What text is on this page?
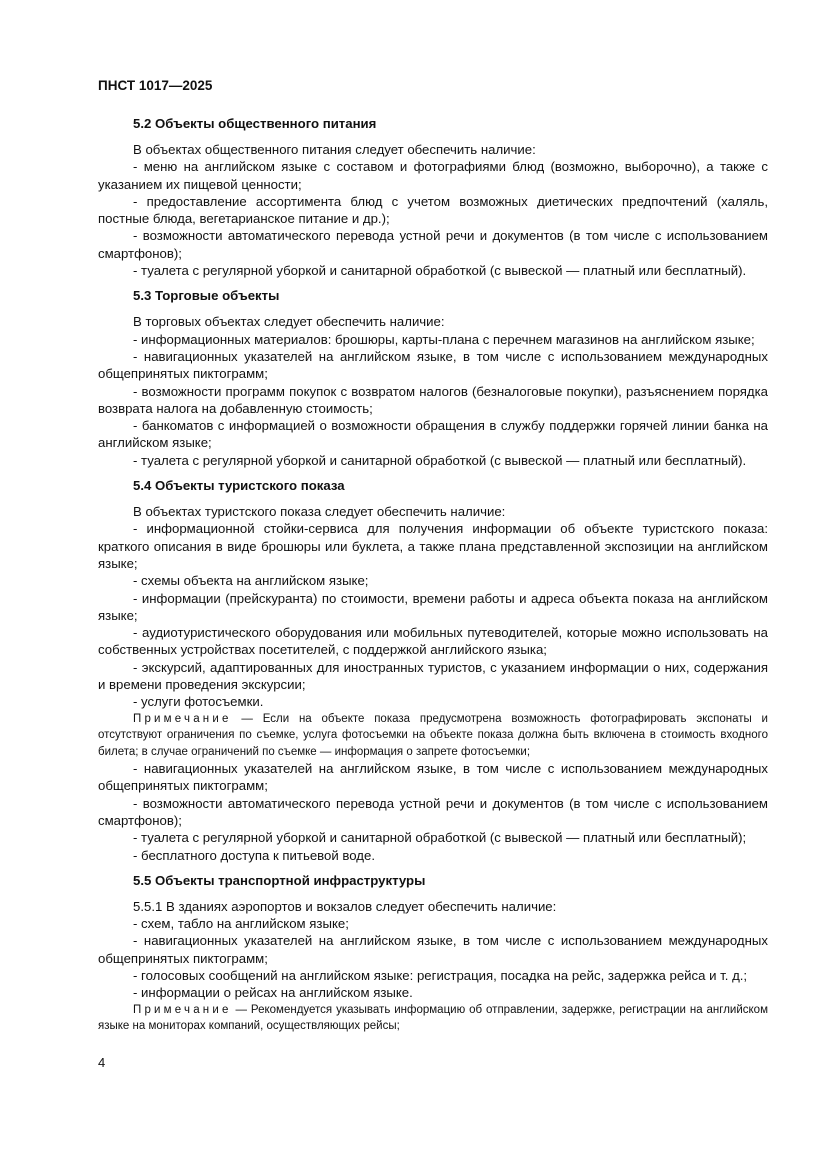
ПНСТ 1017—2025
5.2 Объекты общественного питания

В объектах общественного питания следует обеспечить наличие:

- меню на английском языке с составом и фотографиями блюд (возможно, выборочно), а также с указанием их пищевой ценности;

- предоставление ассортимента блюд с учетом возможных диетических предпочтений (халяль, постные блюда, вегетарианское питание и др.);

- возможности автоматического перевода устной речи и документов (в том числе с использованием смартфонов);

- туалета с регулярной уборкой и санитарной обработкой (с вывеской — платный или бесплатный).

5.3 Торговые объекты

В торговых объектах следует обеспечить наличие:

- информационных материалов: брошюры, карты-плана с перечнем магазинов на английском языке;

- навигационных указателей на английском языке, в том числе с использованием международных общепринятых пиктограмм;

- возможности программ покупок с возвратом налогов (безналоговые покупки), разъяснением порядка возврата налога на добавленную стоимость;

- банкоматов с информацией о возможности обращения в службу поддержки горячей линии банка на английском языке;

- туалета с регулярной уборкой и санитарной обработкой (с вывеской — платный или бесплатный).

5.4 Объекты туристского показа

В объектах туристского показа следует обеспечить наличие:

- информационной стойки-сервиса для получения информации об объекте туристского показа: краткого описания в виде брошюры или буклета, а также плана представленной экспозиции на английском языке;

- схемы объекта на английском языке;

- информации (прейскуранта) по стоимости, времени работы и адреса объекта показа на английском языке;

- аудиотуристического оборудования или мобильных путеводителей, которые можно использовать на собственных устройствах посетителей, с поддержкой английского языка;

- экскурсий, адаптированных для иностранных туристов, с указанием информации о них, содержания и времени проведения экскурсии;

- услуги фотосъемки.

Примечание — Если на объекте показа предусмотрена возможность фотографировать экспонаты и отсутствуют ограничения по съемке, услуга фотосъемки на объекте показа должна быть включена в стоимость входного билета; в случае ограничений по съемке — информация о запрете фотосъемки;

- навигационных указателей на английском языке, в том числе с использованием международных общепринятых пиктограмм;

- возможности автоматического перевода устной речи и документов (в том числе с использованием смартфонов);

- туалета с регулярной уборкой и санитарной обработкой (с вывеской — платный или бесплатный);

- бесплатного доступа к питьевой воде.

5.5 Объекты транспортной инфраструктуры

5.5.1 В зданиях аэропортов и вокзалов следует обеспечить наличие:

- схем, табло на английском языке;

- навигационных указателей на английском языке, в том числе с использованием международных общепринятых пиктограмм;

- голосовых сообщений на английском языке: регистрация, посадка на рейс, задержка рейса и т. д.;

- информации о рейсах на английском языке.

Примечание — Рекомендуется указывать информацию об отправлении, задержке, регистрации на английском языке на мониторах компаний, осуществляющих рейсы;

4
